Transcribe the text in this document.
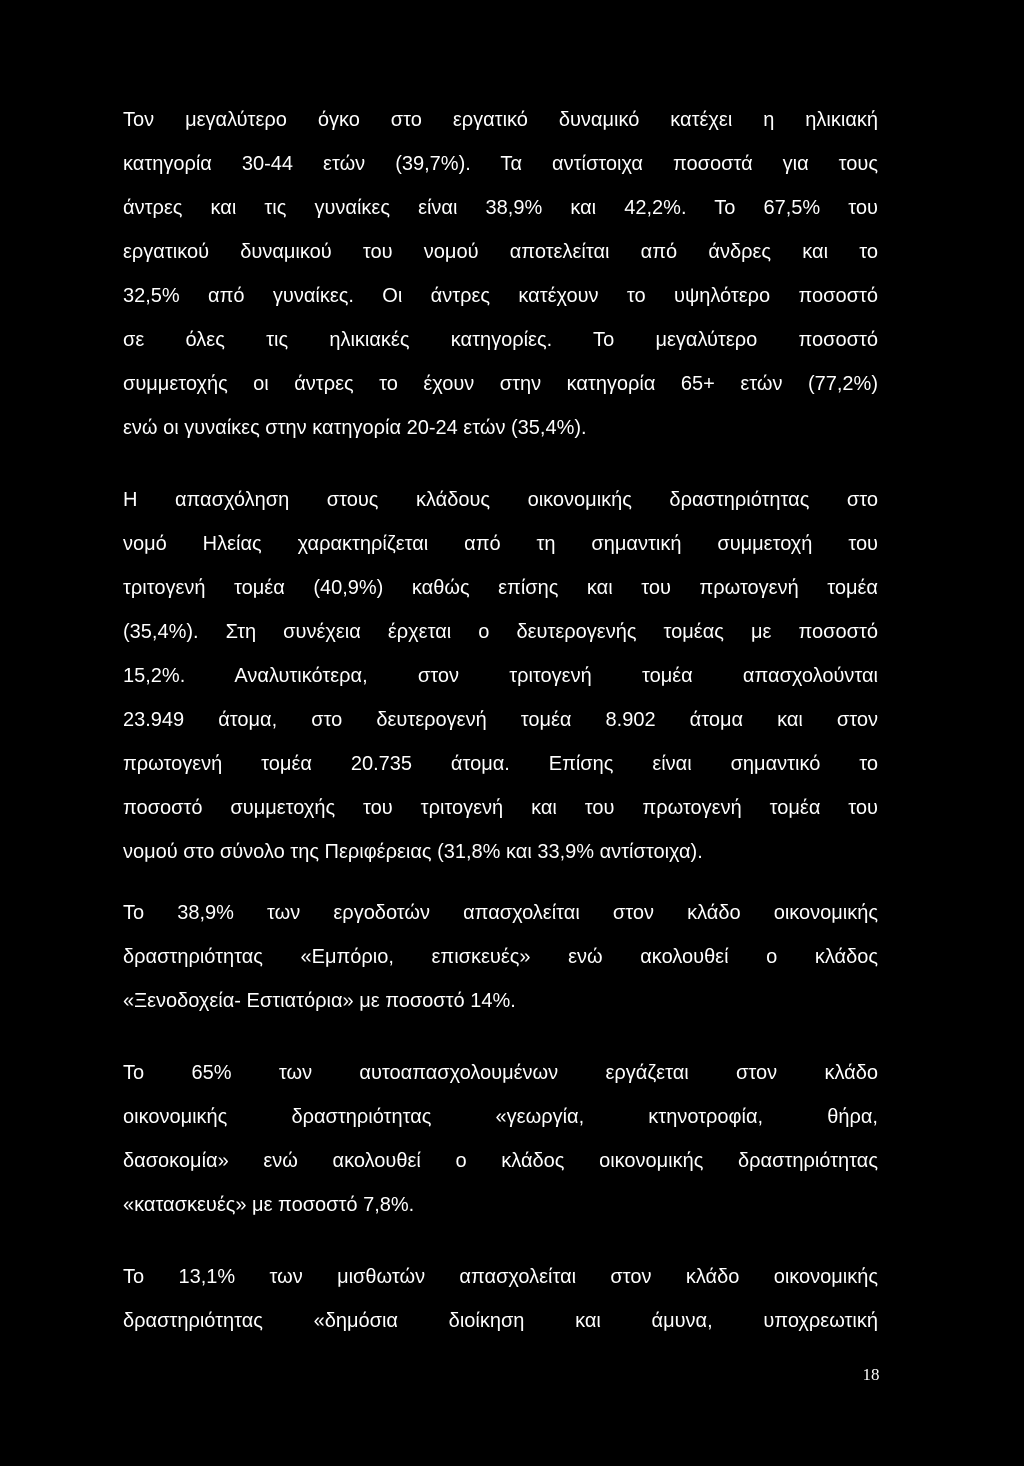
Τον μεγαλύτερο όγκο στο εργατικό δυναμικό κατέχει η ηλικιακή
κατηγορία 30-44 ετών (39,7%). Τα αντίστοιχα ποσοστά για τους
άντρες και τις γυναίκες είναι 38,9% και 42,2%. Το 67,5% του
εργατικού δυναμικού του νομού αποτελείται από άνδρες και το
32,5% από γυναίκες. Οι άντρες κατέχουν το υψηλότερο ποσοστό
σε όλες τις ηλικιακές κατηγορίες. Το μεγαλύτερο ποσοστό
συμμετοχής οι άντρες το έχουν στην κατηγορία 65+ ετών (77,2%)
ενώ οι γυναίκες στην κατηγορία 20-24 ετών (35,4%).

Η απασχόληση στους κλάδους οικονομικής δραστηριότητας στο
νομό Ηλείας χαρακτηρίζεται από τη σημαντική συμμετοχή του
τριτογενή τομέα (40,9%) καθώς επίσης και του πρωτογενή τομέα
(35,4%). Στη συνέχεια έρχεται ο δευτερογενής τομέας με ποσοστό
15,2%. Αναλυτικότερα, στον τριτογενή τομέα απασχολούνται
23.949 άτομα, στο δευτερογενή τομέα 8.902 άτομα και στον
πρωτογενή τομέα 20.735 άτομα. Επίσης είναι σημαντικό το
ποσοστό συμμετοχής του τριτογενή και του πρωτογενή τομέα του
νομού στο σύνολο της Περιφέρειας (31,8% και 33,9% αντίστοιχα).

Το 38,9% των εργοδοτών απασχολείται στον κλάδο οικονομικής
δραστηριότητας «Εμπόριο, επισκευές» ενώ ακολουθεί ο κλάδος
«Ξενοδοχεία- Εστιατόρια» με ποσοστό 14%.

Το 65% των αυτοαπασχολουμένων εργάζεται στον κλάδο
οικονομικής δραστηριότητας «γεωργία, κτηνοτροφία, θήρα,
δασοκομία» ενώ ακολουθεί ο κλάδος οικονομικής δραστηριότητας
«κατασκευές» με ποσοστό 7,8%.

Το 13,1% των μισθωτών απασχολείται στον κλάδο οικονομικής
δραστηριότητας «δημόσια διοίκηση και άμυνα, υποχρεωτική

18
